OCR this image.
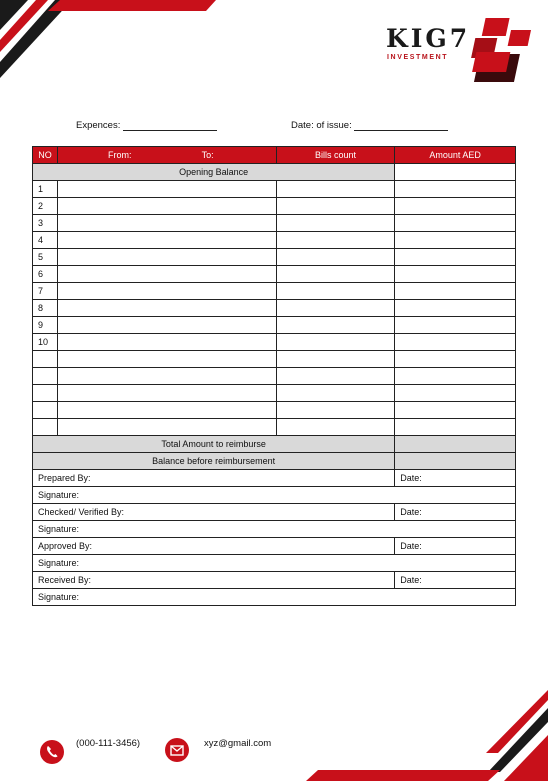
KIG7
INVESTMENT
Expences:	Date: of issue:
NO	From: To:	Bills count	Amount AED
Opening Balance			
1			
2			
3			
4			
5			
6			
7			
8			
9			
10			

Total Amount to reimburse			
Balance before reimbursement			
Prepared By:			Date:
Signature:			
Checked/ Verified By:			Date:
Signature:			
Approved By:			Date:
Signature:			
Received By:			Date:
Signature:			
(000-111-3456)	xyz@gmail.com
